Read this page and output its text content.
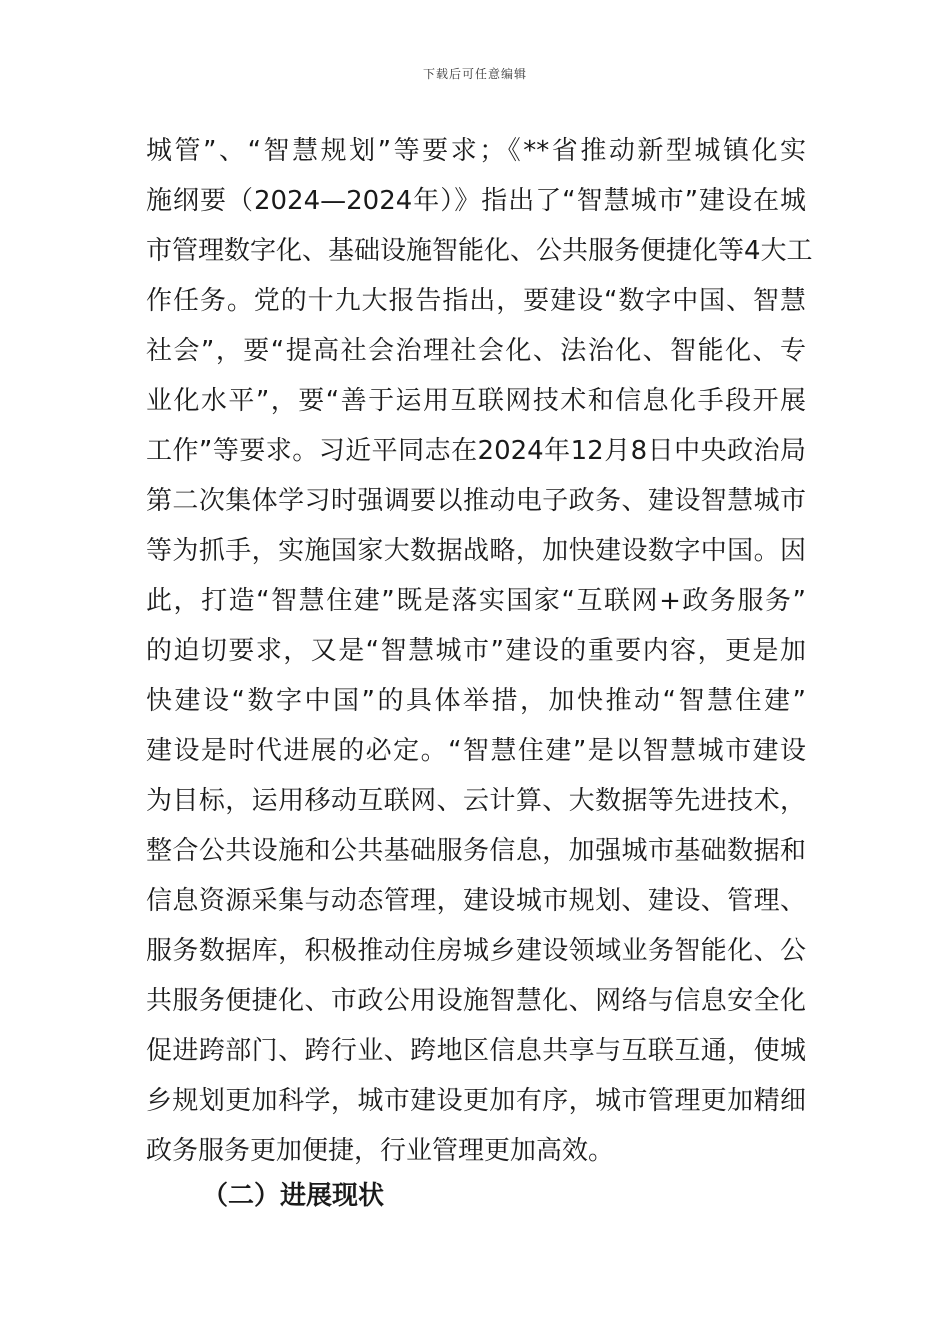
下载后可任意编辑
城管”、“智慧规划”等要求；《**省推动新型城镇化实
施纲要（2024—2024年）》指出了“智慧城市”建设在城
市管理数字化、基础设施智能化、公共服务便捷化等4大工
作任务。党的十九大报告指出，要建设“数字中国、智慧
社会”，要“提高社会治理社会化、法治化、智能化、专
业化水平”，要“善于运用互联网技术和信息化手段开展
工作”等要求。习近平同志在2024年12月8日中央政治局
第二次集体学习时强调要以推动电子政务、建设智慧城市
等为抓手，实施国家大数据战略，加快建设数字中国。因
此，打造“智慧住建”既是落实国家“互联网+政务服务”
的迫切要求，又是“智慧城市”建设的重要内容，更是加
快建设“数字中国”的具体举措，加快推动“智慧住建”
建设是时代进展的必定。“智慧住建”是以智慧城市建设
为目标，运用移动互联网、云计算、大数据等先进技术，
整合公共设施和公共基础服务信息，加强城市基础数据和
信息资源采集与动态管理，建设城市规划、建设、管理、
服务数据库，积极推动住房城乡建设领域业务智能化、公
共服务便捷化、市政公用设施智慧化、网络与信息安全化
促进跨部门、跨行业、跨地区信息共享与互联互通，使城
乡规划更加科学，城市建设更加有序，城市管理更加精细
政务服务更加便捷，行业管理更加高效。
（二）进展现状
